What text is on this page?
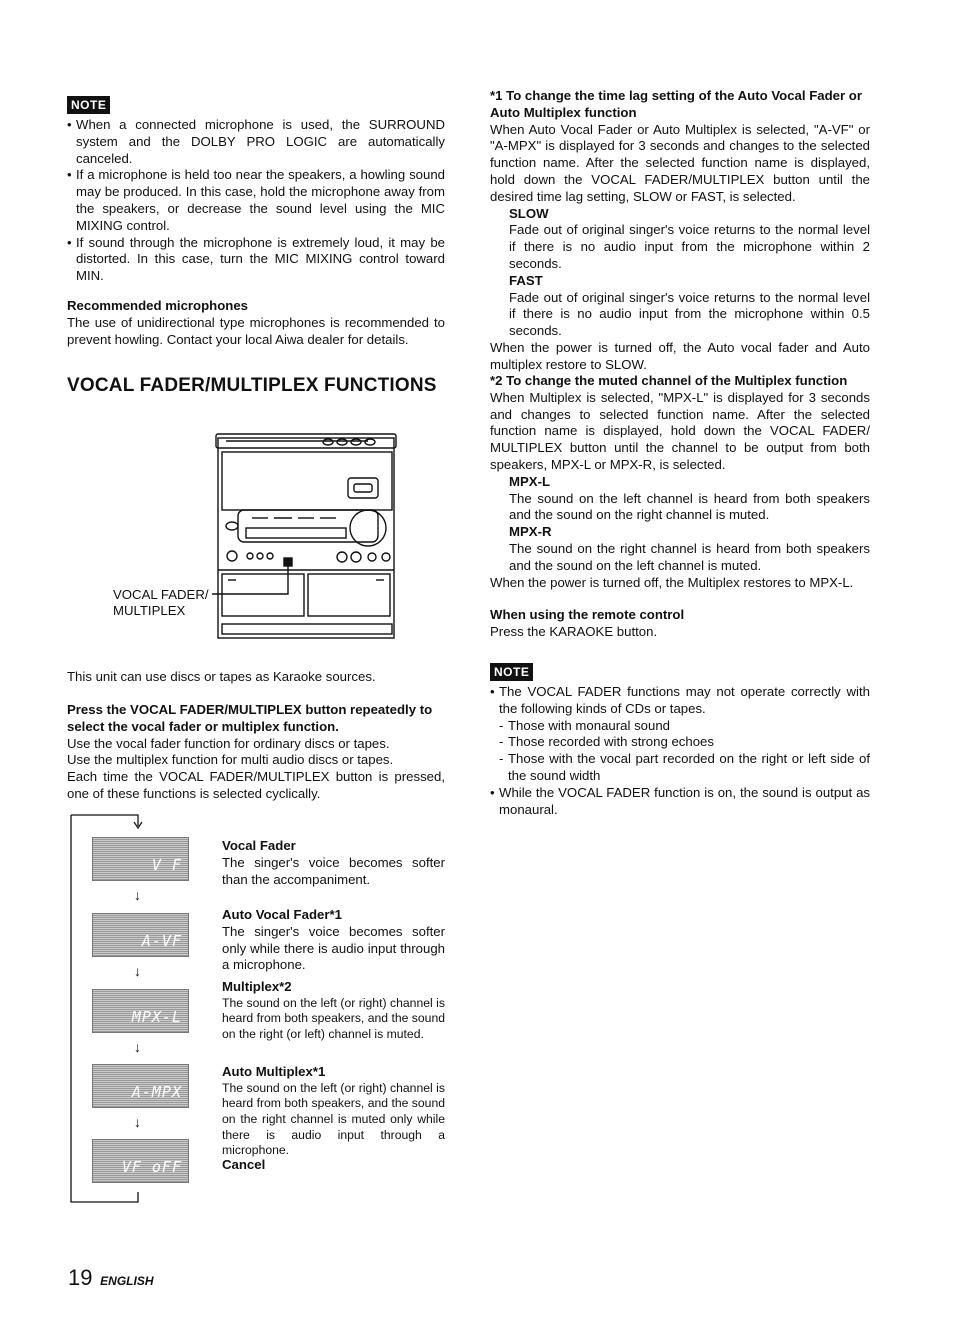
NOTE
• When a connected microphone is used, the SURROUND system and the DOLBY PRO LOGIC are automatically canceled.
• If a microphone is held too near the speakers, a howling sound may be produced. In this case, hold the microphone away from the speakers, or decrease the sound level using the MIC MIXING control.
• If sound through the microphone is extremely loud, it may be distorted. In this case, turn the MIC MIXING control toward MIN.
Recommended microphones

The use of unidirectional type microphones is recommended to prevent howling. Contact your local Aiwa dealer for details.

VOCAL FADER/MULTIPLEX FUNCTIONS
VOCAL FADER/
MULTIPLEX
This unit can use discs or tapes as Karaoke sources.
Press the VOCAL FADER/MULTIPLEX button repeatedly to select the vocal fader or multiplex function.

Use the vocal fader function for ordinary discs or tapes.

Use the multiplex function for multi audio discs or tapes.

Each time the VOCAL FADER/MULTIPLEX button is pressed, one of these functions is selected cyclically.

V F
↓
A-VF
↓
MPX-L
↓
A-MPX
↓
VF oFF
Vocal Fader

The singer's voice becomes softer than the accompaniment.

Auto Vocal Fader*1

The singer's voice becomes softer only while there is audio input through a microphone.

Multiplex*2

The sound on the left (or right) channel is heard from both speakers, and the sound on the right (or left) channel is muted.

Auto Multiplex*1

The sound on the left (or right) channel is heard from both speakers, and the sound on the right channel is muted only while there is audio input through a microphone.

Cancel
*1 To change the time lag setting of the Auto Vocal Fader or Auto Multiplex function

When Auto Vocal Fader or Auto Multiplex is selected, "A-VF" or "A-MPX" is displayed for 3 seconds and changes to the selected function name. After the selected function name is displayed, hold down the VOCAL FADER/MULTIPLEX button until the desired time lag setting, SLOW or FAST, is selected.

SLOW

Fade out of original singer's voice returns to the normal level if there is no audio input from the microphone within 2 seconds.

FAST

Fade out of original singer's voice returns to the normal level if there is no audio input from the microphone within 0.5 seconds.

When the power is turned off, the Auto vocal fader and Auto multiplex restore to SLOW.

*2 To change the muted channel of the Multiplex function

When Multiplex is selected, "MPX-L" is displayed for 3 seconds and changes to selected function name. After the selected function name is displayed, hold down the VOCAL FADER/ MULTIPLEX button until the channel to be output from both speakers, MPX-L or MPX-R, is selected.

MPX-L

The sound on the left channel is heard from both speakers and the sound on the right channel is muted.

MPX-R

The sound on the right channel is heard from both speakers and the sound on the left channel is muted.

When the power is turned off, the Multiplex restores to MPX-L.

When using the remote control

Press the KARAOKE button.

NOTE
• The VOCAL FADER functions may not operate correctly with the following kinds of CDs or tapes.
- Those with monaural sound
- Those recorded with strong echoes
- Those with the vocal part recorded on the right or left side of the sound width
• While the VOCAL FADER function is on, the sound is output as monaural.
19 ENGLISH
